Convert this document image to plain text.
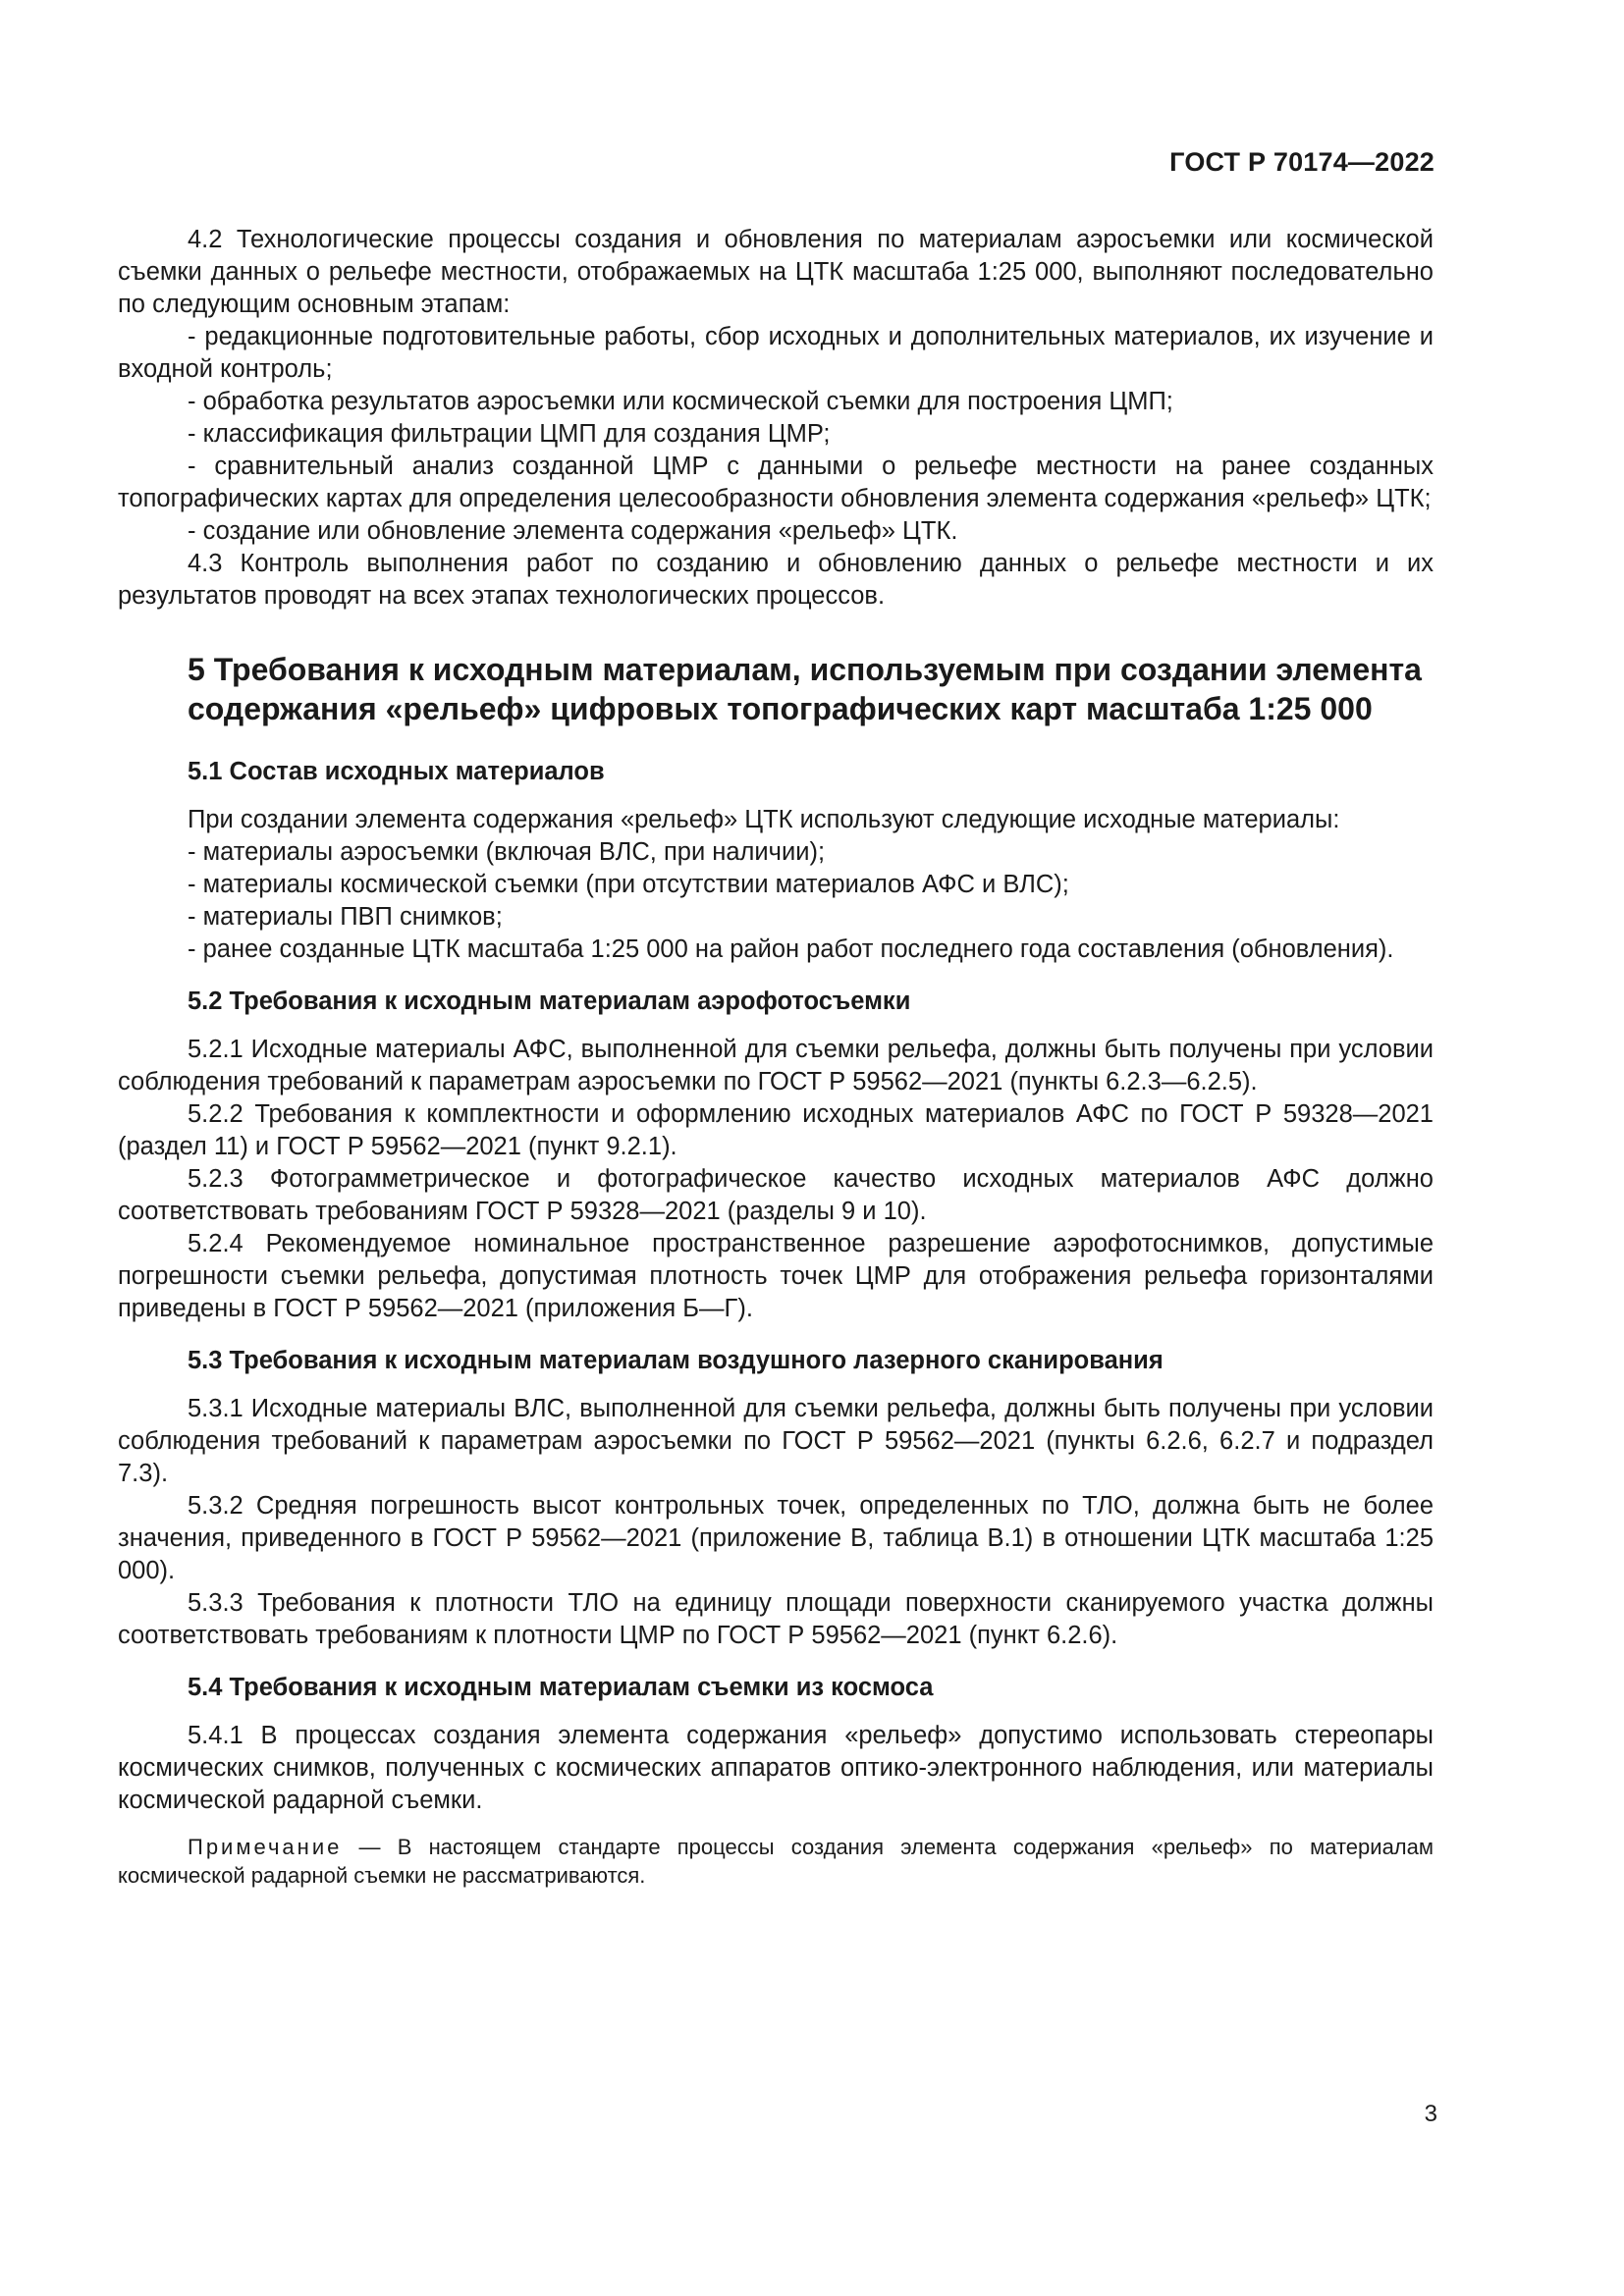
ГОСТ Р 70174—2022

4.2 Технологические процессы создания и обновления по материалам аэросъемки или космической съемки данных о рельефе местности, отображаемых на ЦТК масштаба 1:25 000, выполняют последовательно по следующим основным этапам:

- редакционные подготовительные работы, сбор исходных и дополнительных материалов, их изучение и входной контроль;

- обработка результатов аэросъемки или космической съемки для построения ЦМП;

- классификация фильтрации ЦМП для создания ЦМР;

- сравнительный анализ созданной ЦМР с данными о рельефе местности на ранее созданных топографических картах для определения целесообразности обновления элемента содержания «рельеф» ЦТК;

- создание или обновление элемента содержания «рельеф» ЦТК.

4.3 Контроль выполнения работ по созданию и обновлению данных о рельефе местности и их результатов проводят на всех этапах технологических процессов.

5 Требования к исходным материалам, используемым при создании элемента содержания «рельеф» цифровых топографических карт масштаба 1:25 000

5.1 Состав исходных материалов

При создании элемента содержания «рельеф» ЦТК используют следующие исходные материалы:

- материалы аэросъемки (включая ВЛС, при наличии);

- материалы космической съемки (при отсутствии материалов АФС и ВЛС);

- материалы ПВП снимков;

- ранее созданные ЦТК масштаба 1:25 000 на район работ последнего года составления (обновления).

5.2 Требования к исходным материалам аэрофотосъемки

5.2.1 Исходные материалы АФС, выполненной для съемки рельефа, должны быть получены при условии соблюдения требований к параметрам аэросъемки по ГОСТ Р 59562—2021 (пункты 6.2.3—6.2.5).

5.2.2 Требования к комплектности и оформлению исходных материалов АФС по ГОСТ Р 59328—2021 (раздел 11) и ГОСТ Р 59562—2021 (пункт 9.2.1).

5.2.3 Фотограмметрическое и фотографическое качество исходных материалов АФС должно соответствовать требованиям ГОСТ Р 59328—2021 (разделы 9 и 10).

5.2.4 Рекомендуемое номинальное пространственное разрешение аэрофотоснимков, допустимые погрешности съемки рельефа, допустимая плотность точек ЦМР для отображения рельефа горизонталями приведены в ГОСТ Р 59562—2021 (приложения Б—Г).

5.3 Требования к исходным материалам воздушного лазерного сканирования

5.3.1 Исходные материалы ВЛС, выполненной для съемки рельефа, должны быть получены при условии соблюдения требований к параметрам аэросъемки по ГОСТ Р 59562—2021 (пункты 6.2.6, 6.2.7 и подраздел 7.3).

5.3.2 Средняя погрешность высот контрольных точек, определенных по ТЛО, должна быть не более значения, приведенного в ГОСТ Р 59562—2021 (приложение В, таблица В.1) в отношении ЦТК масштаба 1:25 000).

5.3.3 Требования к плотности ТЛО на единицу площади поверхности сканируемого участка должны соответствовать требованиям к плотности ЦМР по ГОСТ Р 59562—2021 (пункт 6.2.6).

5.4 Требования к исходным материалам съемки из космоса

5.4.1 В процессах создания элемента содержания «рельеф» допустимо использовать стереопары космических снимков, полученных с космических аппаратов оптико-электронного наблюдения, или материалы космической радарной съемки.

Примечание — В настоящем стандарте процессы создания элемента содержания «рельеф» по материалам космической радарной съемки не рассматриваются.

3
